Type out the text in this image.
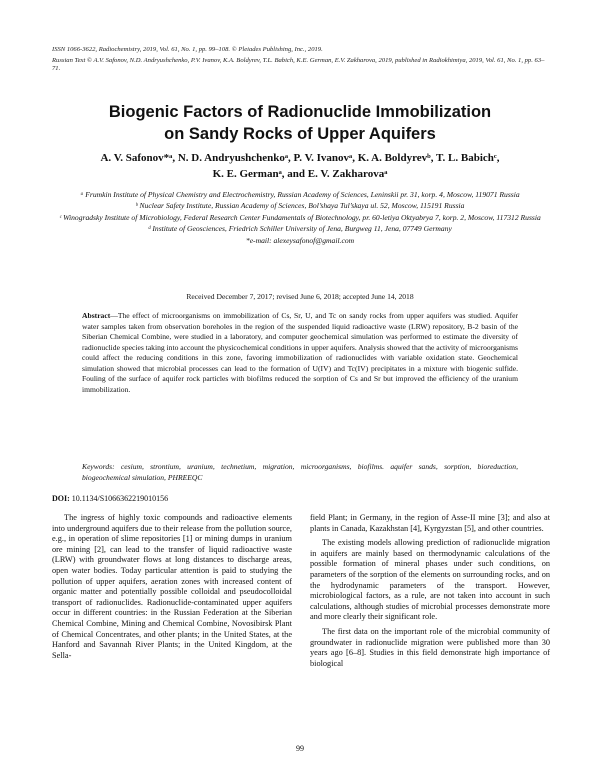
ISSN 1066-3622, Radiochemistry, 2019, Vol. 61, No. 1, pp. 99–108. © Pleiades Publishing, Inc., 2019.
Russian Text © A.V. Safonov, N.D. Andryushchenko, P.V. Ivanov, K.A. Boldyrev, T.L. Babich, K.E. German, E.V. Zakharova, 2019, published in Radiokhimiya, 2019, Vol. 61, No. 1, pp. 63–71.
Biogenic Factors of Radionuclide Immobilization
on Sandy Rocks of Upper Aquifers
A. V. Safonov*ᵃ, N. D. Andryushchenkoᵃ, P. V. Ivanovᵃ, K. A. Boldyrevᵇ, T. L. Babichᶜ,
K. E. Germanᵃ, and E. V. Zakharovaᵃ
ᵃ Frumkin Institute of Physical Chemistry and Electrochemistry, Russian Academy of Sciences, Leninskii pr. 31, korp. 4, Moscow, 119071 Russia
ᵇ Nuclear Safety Institute, Russian Academy of Sciences, Bol’shaya Tul’skaya ul. 52, Moscow, 115191 Russia
ᶜ Winogradsky Institute of Microbiology, Federal Research Center Fundamentals of Biotechnology, pr. 60-letiya Oktyabrya 7, korp. 2, Moscow, 117312 Russia
ᵈ Institute of Geosciences, Friedrich Schiller University of Jena, Burgweg 11, Jena, 07749 Germany
*e-mail: alexeysafonof@gmail.com
Received December 7, 2017; revised June 6, 2018; accepted June 14, 2018
Abstract—The effect of microorganisms on immobilization of Cs, Sr, U, and Tc on sandy rocks from upper aquifers was studied. Aquifer water samples taken from observation boreholes in the region of the suspended liquid radioactive waste (LRW) repository, B-2 basin of the Siberian Chemical Combine, were studied in a laboratory, and computer geochemical simulation was performed to estimate the diversity of radionuclide species taking into account the physicochemical conditions in upper aquifers. Analysis showed that the activity of microorganisms could affect the reducing conditions in this zone, favoring immobilization of radionuclides with variable oxidation state. Geochemical simulation showed that microbial processes can lead to the formation of U(IV) and Tc(IV) precipitates in a mixture with biogenic sulfide. Fouling of the surface of aquifer rock particles with biofilms reduced the sorption of Cs and Sr but improved the efficiency of the uranium immobilization.
Keywords: cesium, strontium, uranium, technetium, migration, microorganisms, biofilms. aquifer sands, sorption, bioreduction, biogeochemical simulation, PHREEQC
DOI: 10.1134/S1066362219010156

The ingress of highly toxic compounds and radioactive elements into underground aquifers due to their release from the pollution source, e.g., in operation of slime repositories [1] or mining dumps in uranium ore mining [2], can lead to the transfer of liquid radioactive waste (LRW) with groundwater flows at long distances to discharge areas, open water bodies. Today particular attention is paid to studying the pollution of upper aquifers, aeration zones with increased content of organic matter and potentially possible colloidal and pseudocolloidal transport of radionuclides. Radionuclide-contaminated upper aquifers occur in different countries: in the Russian Federation at the Siberian Chemical Combine, Mining and Chemical Combine, Novosibirsk Plant of Chemical Concentrates, and other plants; in the United States, at the Hanford and Savannah River Plants; in the United Kingdom, at the Sella-

field Plant; in Germany, in the region of Asse-II mine [3]; and also at plants in Canada, Kazakhstan [4], Kyrgyzstan [5], and other countries.

The existing models allowing prediction of radionuclide migration in aquifers are mainly based on thermodynamic calculations of the possible formation of mineral phases under such conditions, on parameters of the sorption of the elements on surrounding rocks, and on the hydrodynamic parameters of the transport. However, microbiological factors, as a rule, are not taken into account in such calculations, although studies of microbial processes demonstrate more and more clearly their significant role.

The first data on the important role of the microbial community of groundwater in radionuclide migration were published more than 30 years ago [6–8]. Studies in this field demonstrate high importance of biological

99
